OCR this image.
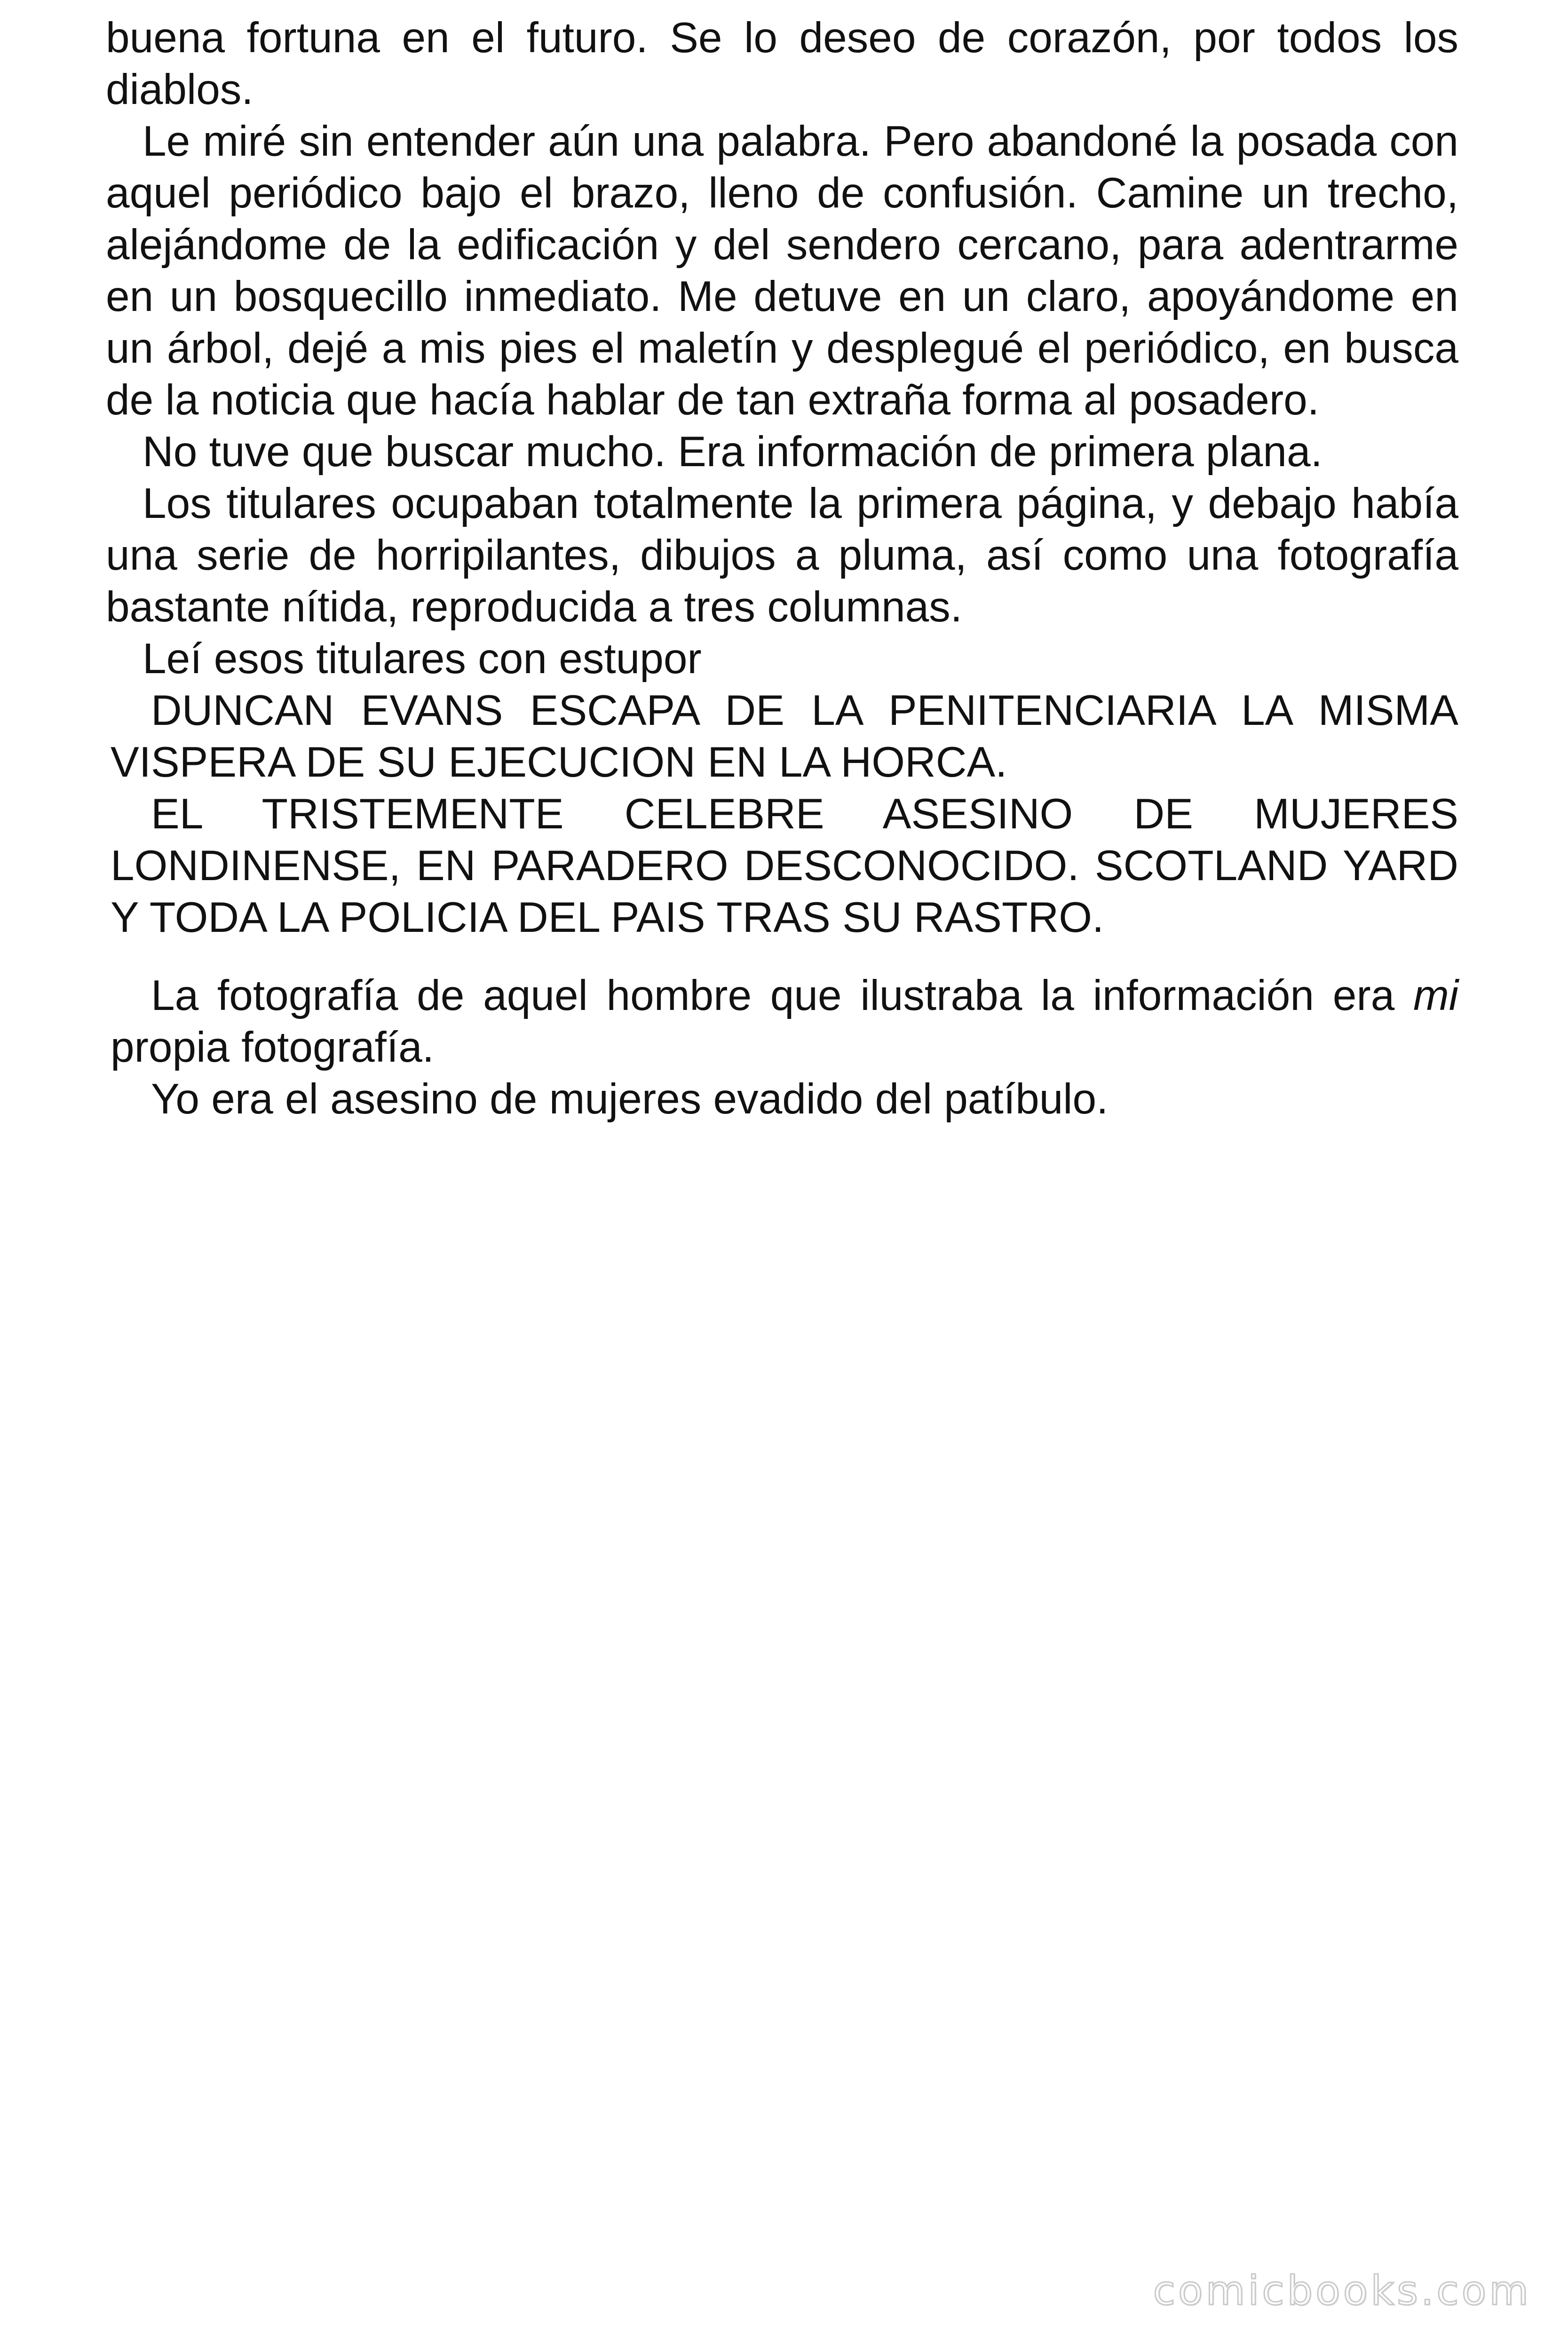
buena fortuna en el futuro. Se lo deseo de corazón, por todos los diablos.

Le miré sin entender aún una palabra. Pero abandoné la posada con aquel periódico bajo el brazo, lleno de confusión. Camine un trecho, alejándome de la edificación y del sendero cercano, para adentrarme en un bosquecillo inmediato. Me detuve en un claro, apoyándome en un árbol, dejé a mis pies el maletín y desplegué el periódico, en busca de la noticia que hacía hablar de tan extraña forma al posadero.

No tuve que buscar mucho. Era información de primera plana.

Los titulares ocupaban totalmente la primera página, y debajo había una serie de horripilantes, dibujos a pluma, así como una fotografía bastante nítida, reproducida a tres columnas.

Leí esos titulares con estupor

DUNCAN EVANS ESCAPA DE LA PENITENCIARIA LA MISMA VISPERA DE SU EJECUCION EN LA HORCA.

EL TRISTEMENTE CELEBRE ASESINO DE MUJERES LONDINENSE, EN PARADERO DESCONOCIDO. SCOTLAND YARD Y TODA LA POLICIA DEL PAIS TRAS SU RASTRO.

La fotografía de aquel hombre que ilustraba la información era mi propia fotografía.

Yo era el asesino de mujeres evadido del patíbulo.

comicbooks.com
